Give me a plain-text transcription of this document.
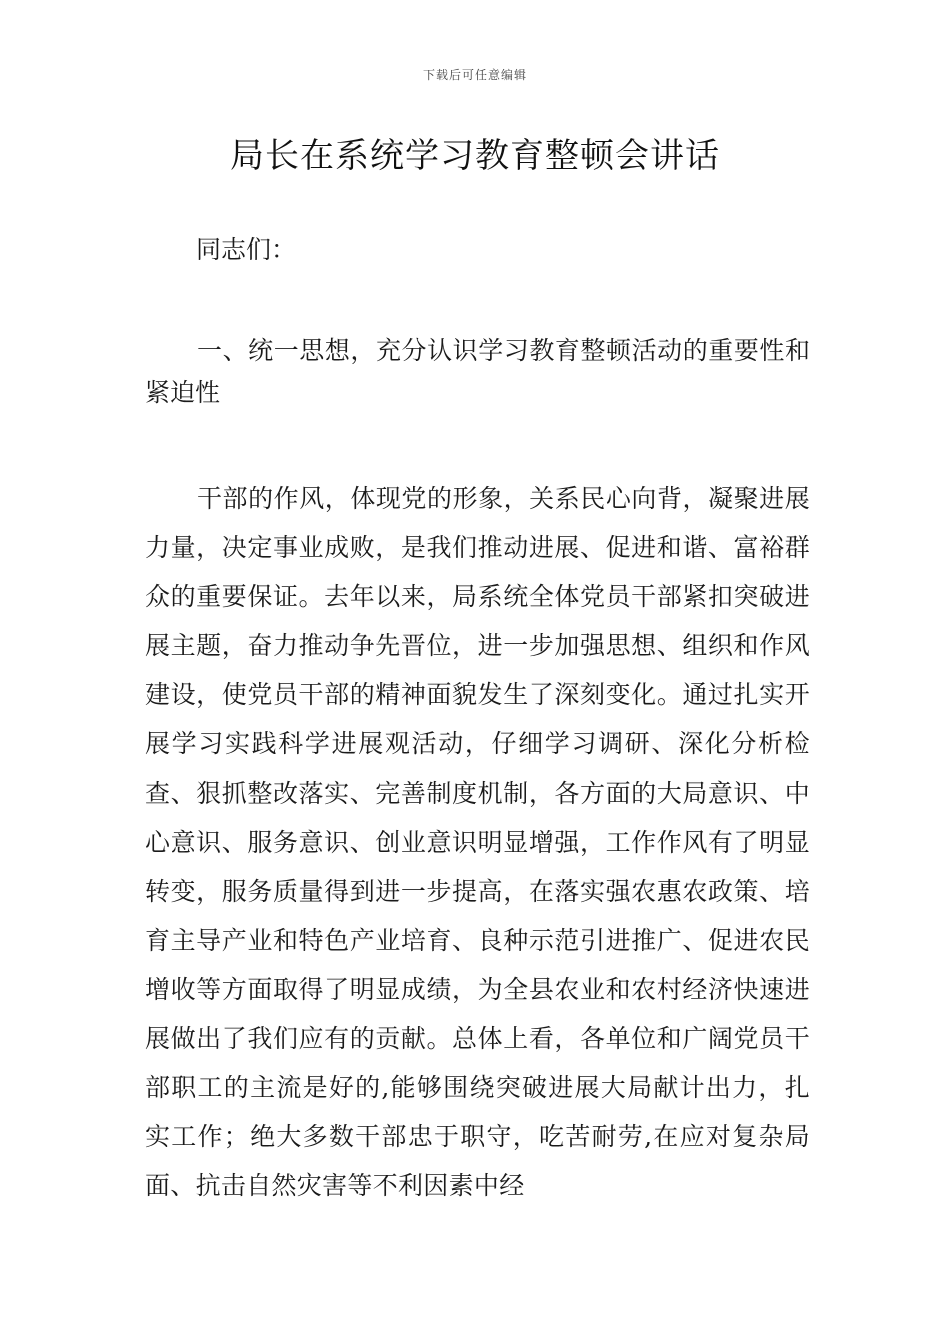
下载后可任意编辑
局长在系统学习教育整顿会讲话
同志们：
一、统一思想，充分认识学习教育整顿活动的重要性和紧迫性
干部的作风，体现党的形象，关系民心向背，凝聚进展力量，决定事业成败，是我们推动进展、促进和谐、富裕群众的重要保证。去年以来，局系统全体党员干部紧扣突破进展主题，奋力推动争先晋位，进一步加强思想、组织和作风建设，使党员干部的精神面貌发生了深刻变化。通过扎实开展学习实践科学进展观活动，仔细学习调研、深化分析检查、狠抓整改落实、完善制度机制，各方面的大局意识、中心意识、服务意识、创业意识明显增强，工作作风有了明显转变，服务质量得到进一步提高，在落实强农惠农政策、培育主导产业和特色产业培育、良种示范引进推广、促进农民增收等方面取得了明显成绩，为全县农业和农村经济快速进展做出了我们应有的贡献。总体上看，各单位和广阔党员干部职工的主流是好的,能够围绕突破进展大局献计出力，扎实工作；绝大多数干部忠于职守，吃苦耐劳,在应对复杂局面、抗击自然灾害等不利因素中经
